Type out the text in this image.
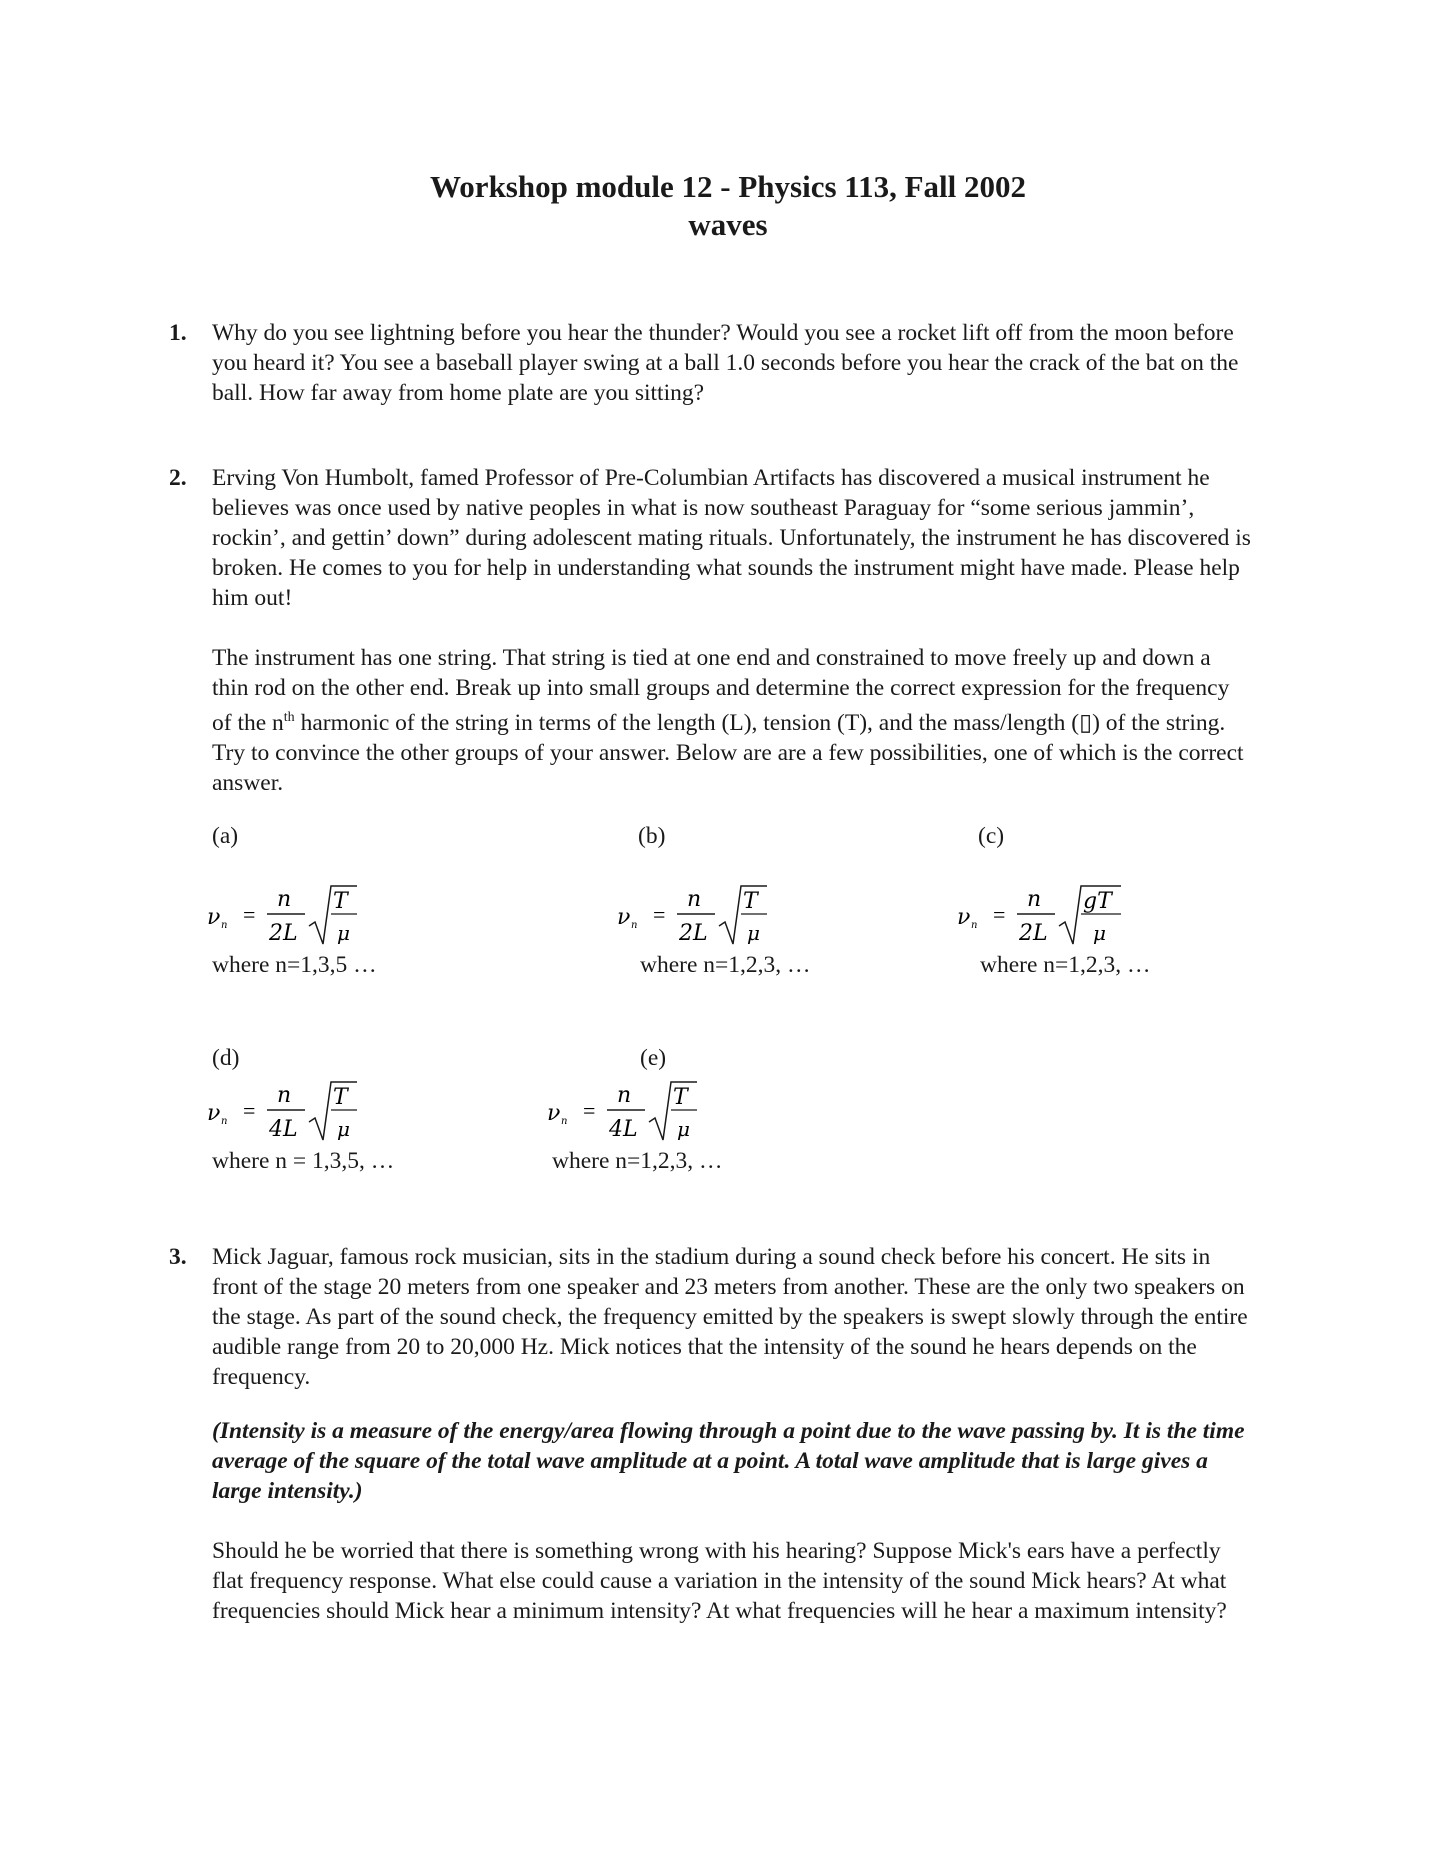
Workshop module 12 - Physics 113, Fall 2002
waves
1. Why do you see lightning before you hear the thunder? Would you see a rocket lift off from the moon before you heard it? You see a baseball player swing at a ball 1.0 seconds before you hear the crack of the bat on the ball. How far away from home plate are you sitting?

2. Erving Von Humbolt, famed Professor of Pre-Columbian Artifacts has discovered a musical instrument he believes was once used by native peoples in what is now southeast Paraguay for “some serious jammin’, rockin’, and gettin’ down” during adolescent mating rituals. Unfortunately, the instrument he has discovered is broken. He comes to you for help in understanding what sounds the instrument might have made. Please help him out!

The instrument has one string. That string is tied at one end and constrained to move freely up and down a thin rod on the other end. Break up into small groups and determine the correct expression for the frequency of the $n^{th}$ harmonic of the string in terms of the length (L), tension (T), and the mass/length (▯) of the string. Try to convince the other groups of your answer. Below are are a few possibilities, one of which is the correct answer.

(a)	(b)	(c)
(d)	(e)
ν n =
n
2L
T
μ
where n=1,3,5 …
ν n =
n
2L
T
μ
where n=1,2,3, …
ν n =
n
2L
gT
μ
where n=1,2,3, …
ν n =
n
4L
T
μ
where n = 1,3,5, …
ν n =
n
4L
T
μ
where n=1,2,3, …
3. Mick Jaguar, famous rock musician, sits in the stadium during a sound check before his concert. He sits in front of the stage 20 meters from one speaker and 23 meters from another. These are the only two speakers on the stage. As part of the sound check, the frequency emitted by the speakers is swept slowly through the entire audible range from 20 to 20,000 Hz. Mick notices that the intensity of the sound he hears depends on the frequency.

(Intensity is a measure of the energy/area flowing through a point due to the wave passing by. It is the time average of the square of the total wave amplitude at a point. A total wave amplitude that is large gives a large intensity.)

Should he be worried that there is something wrong with his hearing? Suppose Mick's ears have a perfectly flat frequency response. What else could cause a variation in the intensity of the sound Mick hears? At what frequencies should Mick hear a minimum intensity? At what frequencies will he hear a maximum intensity?
